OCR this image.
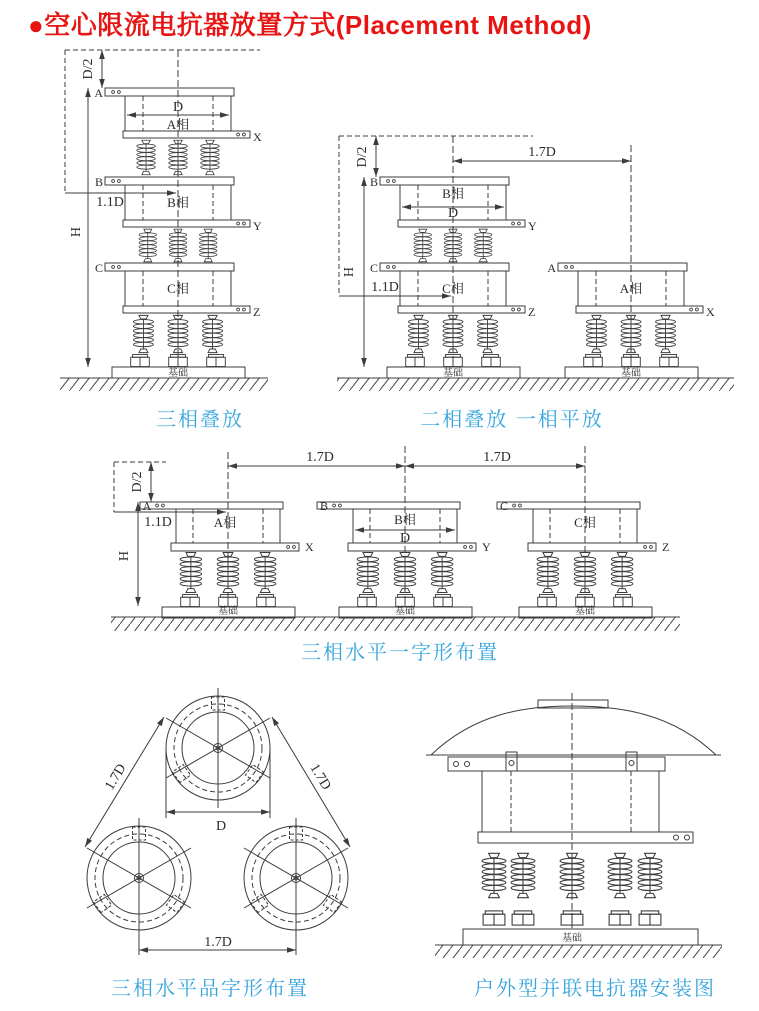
●空心限流电抗器放置方式(Placement Method)
D/2
H
1.1D
D
A
B
C
X
Y
Z
A相
B相
C相
基础
D/2	1.7D
H
1.1D
D
B
C	A
Y
Z	X
B相
C相	A相
基础	基础
D/2
1.7D	1.7D
H
1.1D
D
A	B	C
X	Y	Z
A相	B相	C相
基础	基础	基础
1.7D	1.7D
D
1.7D	基础
三相叠放	二相叠放 一相平放
三相水平一字形布置
三相水平品字形布置	户外型并联电抗器安装图
